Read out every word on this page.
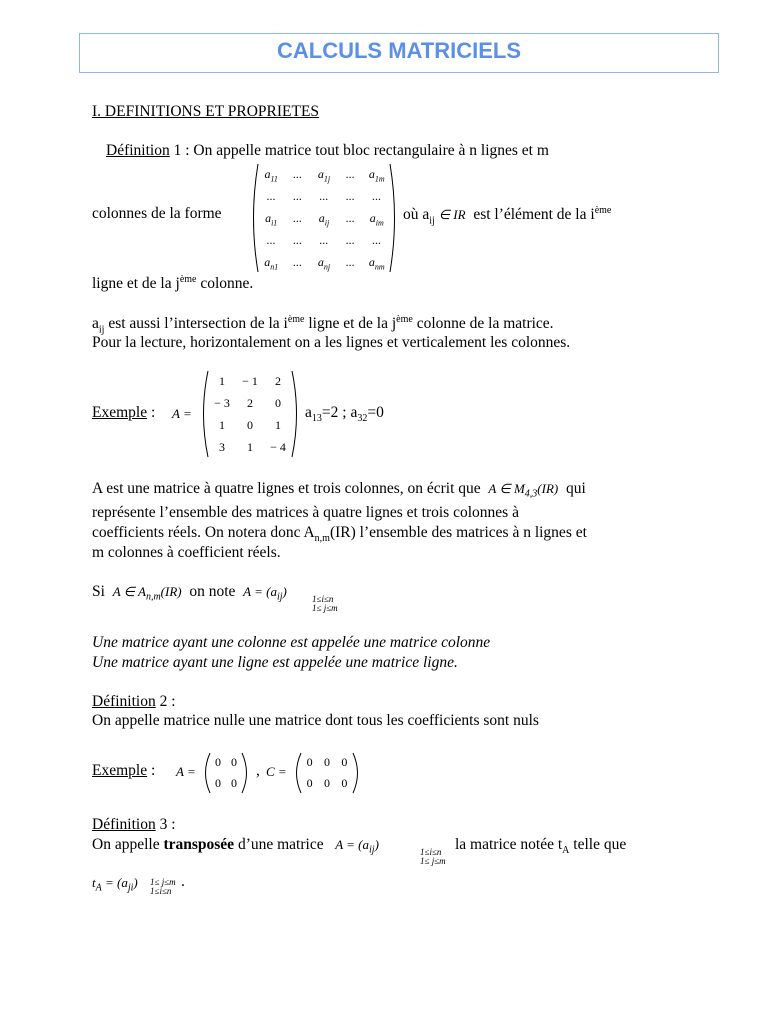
CALCULS MATRICIELS
I. DEFINITIONS ET PROPRIETES
Définition 1 : On appelle matrice tout bloc rectangulaire à n lignes et m
colonnes de la forme
$a_{11}$	...	$a_{1j}$	...	$a_{1m}$
...	...	...	...	...
$a_{i1}$	...	$a_{ij}$	...	$a_{im}$
...	...	...	...	...
$a_{n1}$	...	$a_{nj}$	...	$a_{nm}$
où $a_{ij}$ ∈ IR est l’élément de la $i^{ème}$
ligne et de la $j^{ème}$ colonne.
$a_{ij}$ est aussi l’intersection de la $i^{ème}$ ligne et de la $j^{ème}$ colonne de la matrice.
Pour la lecture, horizontalement on a les lignes et verticalement les colonnes.
Exemple : A =
1	− 1	2
− 3	2	0
1	0	1
3	1	− 4
$a_{13}=2$ ; $a_{32}=0$
A est une matrice à quatre lignes et trois colonnes, on écrit que A ∈ $M_{4,3}(IR)$ qui
représente l’ensemble des matrices à quatre lignes et trois colonnes à
coefficients réels. On notera donc $A_{n,m}(IR)$ l’ensemble des matrices à n lignes et
m colonnes à coefficient réels.
Si A ∈ $A_{n,m}(IR)$ on note $A = (a_{ij})$	1≤i≤n
1≤ j≤m
Une matrice ayant une colonne est appelée une matrice colonne
Une matrice ayant une ligne est appelée une matrice ligne.
Définition 2 :
On appelle matrice nulle une matrice dont tous les coefficients sont nuls
Exemple : A =
0 0
0 0
, C =
0 0 0
0 0 0
Définition 3 :
On appelle transposée d’une matrice $A = (a_{ij})$	1≤i≤n
1≤ j≤m
la matrice notée $t_A$ telle que
$t_A = (a_{ji})$ 1≤ j≤m
1≤i≤n
.
